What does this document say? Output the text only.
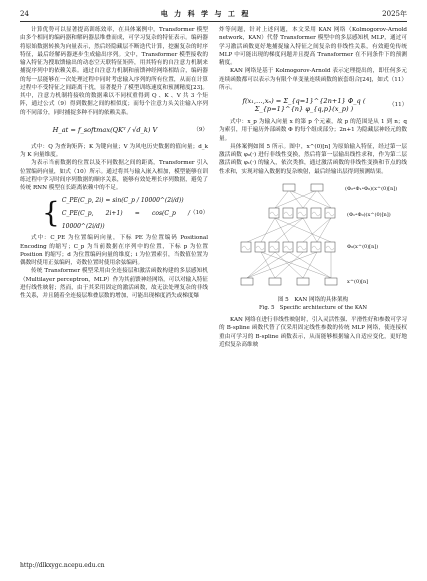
24	电 力 科 学 与 工 程	2025年

计算优势可以显著提高训练效率，在具体案例中，Transformer 模型由多个相同的编码器和解码器层堆叠而成，可学习复杂的特征表示。编码器将原始数据转换为向量表示，然后经隐藏层不断迭代计算，挖掘复杂的时序特征，最后经解码器逐步生成输出序列。文中，Transformer 模型接收的输入特征为搜取馈输出的动态空天联特征矩阵，用其特有的自注意力机制来捕捉序列中的依赖关系。通过自注意力机制和前馈神经网络相结合，编码器的每一层能够在一次处理过程中同时考虑输入序列的所有位置，从而在计算过程中不受特征之间距离干扰，显著提升了模型训练速度和预测精度[23]。其中，注意力机制将接收的数据乘以不同权重得到 Q 、K 、V 共 3 个矩阵，通过公式（9）得到数据之间的相似度；而每个注意力头关注输入序列的不同部分，同时捕捉多种不同的依赖关系。

H_at = f_softmax(QKᵀ / √d_k) V	（9）

式中：Q 为查询矩阵；K 为键向量；V 为风电历史数据的值向量；d_k 为 K 向量维度。

为表示当前数据的位置以及不同数据之间的距离，Transformer 引入位置编码向量，如式（10）所示。通过将其与输入嵌入相加，模型能够在训练过程中学习时间序列数据的顺序关系，能够有效处理长序列数据，避免了传统 RNN 模型在长距离依赖中的不足。

{ C_PE(C_p, 2i) = sin(C_p / 10000^(2i/d))
C_PE(C_p, 2i+1) = cos(C_p / 10000^(2i/d))
（10）

式中：C_PE 为位置编码向量，下标 PE 为位置编码 Positional Encoding 的缩写；C_p 为当前数据在序列中的位置，下标 p 为位置 Position 的缩写；d 为位置编码向量的维度；i 为位置索引，当数值位置为偶数时使用正弦编码，奇数位置时使用余弦编码。

传统 Transformer 模型采用由全连接层和激活函数构建的多层感知机（Multilayer perceptron，MLP）作为其前馈神经网络，可以对输入特征进行线性映射；然而，由于其采用固定的激活函数，故无法处理复杂的非线性关系，并且随着全连接层堆叠层数的增加，可能出现梯度消失或梯度爆

炸等问题，针对上述问题，本文采用 KAN 网络（Kolmogorov-Arnold network，KAN）代替 Transformer 模型中的多层感知机 MLP，通过可学习激活函数更好地捕捉输入特征之间复杂的非线性关系，有效避免传统 MLP 中可能出现的梯度问题并且提高 Transformer 在不同条件下的预测精度。

KAN 网络是基于 Kolmogorov-Arnold 表示定理提出的，即任何多元连续函数都可以表示为有限个单变量连续函数的嵌套组合[24]，如式（11）所示。

f(x₁,…,xₙ) = Σ_{q=1}^{2n+1} Φ_q ( Σ_{p=1}^{n} φ_{q,p}(x_p) )
（11）

式中：x_p 为输入向量 x 的第 p 个元素，故 p 的范围是从 1 到 n；q 为索引，用于遍历外部函数 Φ 的每个组成部分；2n+1 为隐藏层神经元的数量。

具体案例如图 5 所示。图中，x^(0)[n] 为原始输入特征，经过第一层激活函数 φ₀(·) 进行非线性变换，然后将第一层输出线性求和，作为第二层激活函数 φ₁(·) 的输入，依次类推，通过激活函数的非线性变换和节点的线性求和，实现对输入数据的复杂映射，最后经输出层得到预测结果。

(Φ₂∘Φ₁∘Φ₀)(x^(0)[n])
(Φ₁∘Φ₀)(x^(0)[n])
Φ₀(x^(0)[n])
x^(0)[n]
图 5　KAN 网络的具体架构
Fig. 5　Specific architecture of the KAN

KAN 网络在进行非线性映射时，引入灵活性强、平滑性好和参数可学习的 B-spline 函数代替了仅采用固定线性参数的传统 MLP 网络，使连接权重由可学习的 B-spline 函数表示，从而能够根据输入自适应变化，更好地近似复杂高维映

http://dlkxygc.ncepu.edu.cn
